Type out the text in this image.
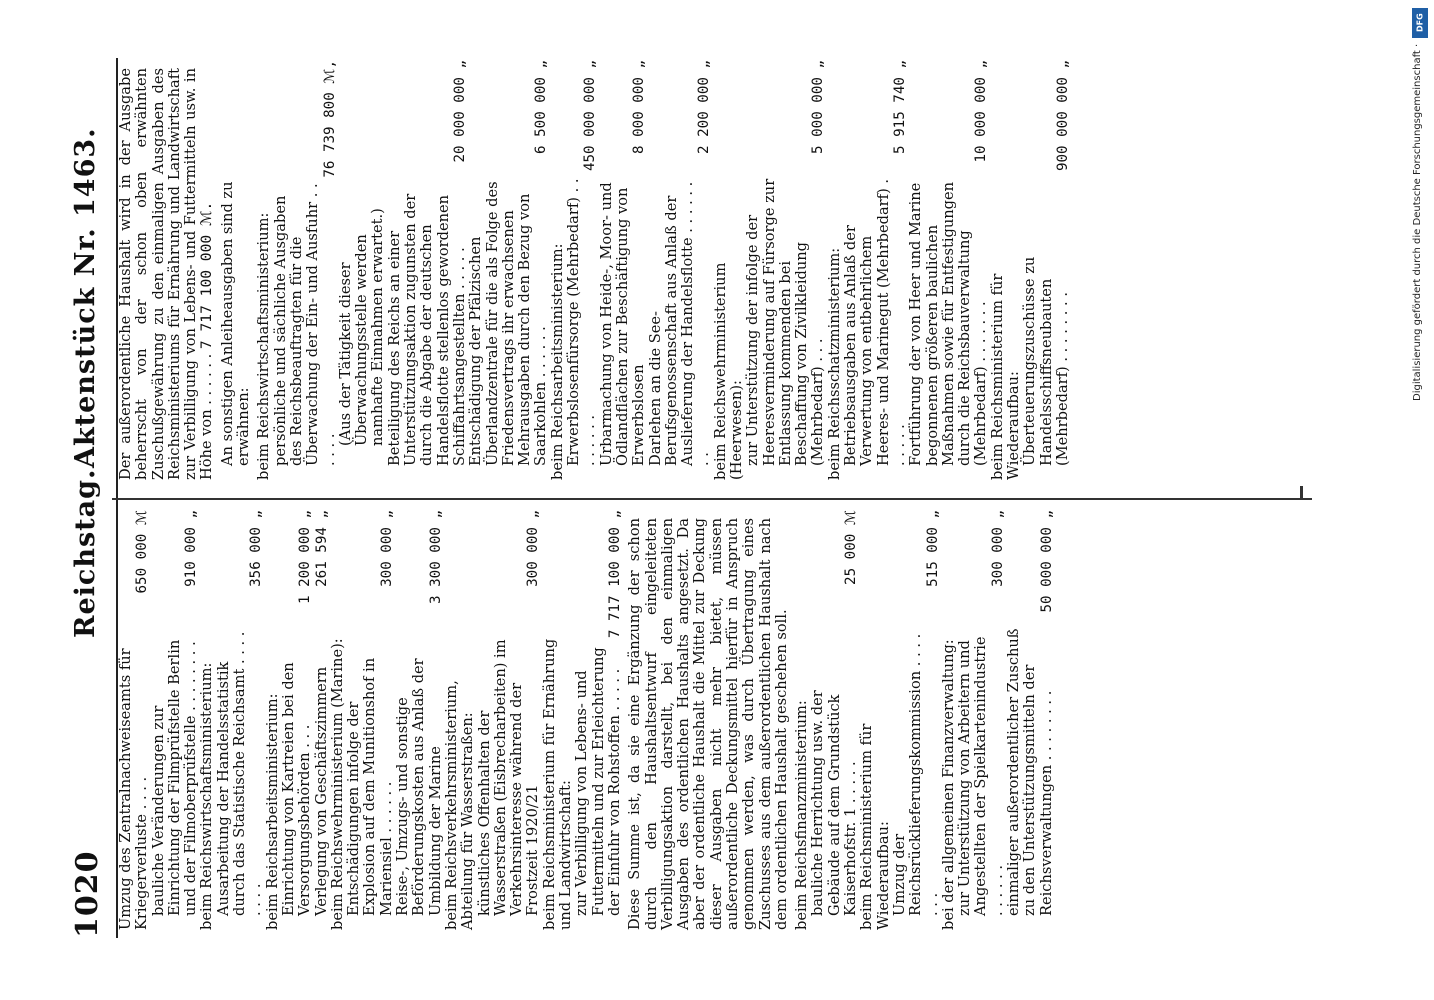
1020
Reichstag.
Aktenstück Nr. 1463.
Umzug des Zentralnachweiseamts für Kriegerverluste . . . .
650 000 ℳ
bauliche Veränderungen zur Einrichtung der Filmprüfstelle Berlin und der Filmoberprüfstelle . . . . . . . .
910 000 „
beim Reichswirtschaftsministerium: Ausarbeitung der Handelsstatistik durch das Statistische Reichsamt . . . . . . . .
356 000 „
beim Reichsarbeitsministerium: Einrichtung von Kartreien bei den Versorgungsbehörden . . .
1 200 000 „
Verlegung von Geschäftszimmern
261 594 „
beim Reichswehrministerium (Marine): Entschädigungen infolge der Explosion auf dem Munitionshof in Mariensiel . . . . . .
300 000 „
Reise-, Umzugs- und sonstige Beförderungskosten aus Anlaß der Umbildung der Marine
3 300 000 „
beim Reichsverkehrsministerium, Abteilung für Wasserstraßen: künstliches Offenhalten der Wasserstraßen (Eisbrecharbeiten) im Verkehrsinteresse während der Frostzeit 1920/21
300 000 „
beim Reichsministerium für Ernährung und Landwirtschaft: zur Verbilligung von Lebens- und Futtermitteln und zur Erleichterung der Einfuhr von Rohstoffen . . . . .
7 717 100 000 „ Diese Summe ist, da sie eine Ergänzung der schon durch den Haushaltsentwurf eingeleiteten Verbilligungsaktion darstellt, bei den einmaligen Ausgaben des ordentlichen Haushalts angesetzt. Da aber der ordentliche Haushalt die Mittel zur Deckung dieser Ausgaben nicht mehr bietet, müssen außerordentliche Deckungsmittel hierfür in Anspruch genommen werden, was durch Übertragung eines Zuschusses aus dem außerordentlichen Haushalt nach dem ordentlichen Haushalt geschehen soll. beim Reichsfinanzministerium: bauliche Herrichtung usw. der Gebäude auf dem Grundstück Kaiserhofstr. 1 . . . . .
25 000 ℳ
beim Reichsministerium für Wiederaufbau: Umzug der Reichsrücklieferungskommission . . . . . . .
515 000 „
bei der allgemeinen Finanzverwaltung: zur Unterstützung von Arbeitern und Angestellten der Spielkartenindustrie . . . . . .
300 000 „
einmaliger außerordentlicher Zuschuß zu den Unterstützungsmitteln der Reichsverwaltungen . . . . . . . .
50 000 000 „
Der außerordentliche Haushalt wird in der Ausgabe beherrscht von der schon oben erwähnten Zuschußgewährung zu den einmaligen Ausgaben des Reichsministeriums für Ernährung und Landwirtschaft zur Verbilligung von Lebens- und Futtermitteln usw. in Höhe von . . . . . . 7 717 100 000 ℳ. An sonstigen Anleiheausgaben sind zu erwähnen: beim Reichswirtschaftsministerium: persönliche und sächliche Ausgaben des Reichsbeauftragten für die Überwachung der Ein- und Ausfuhr . . . . . .
76 739 800 ℳ,
(Aus der Tätigkeit dieser Überwachungsstelle werden namhafte Einnahmen erwartet.) Beteiligung des Reichs an einer Unterstützungsaktion zugunsten der durch die Abgabe der deutschen Handelsflotte stellenlos gewordenen Schiffahrtsangestellten . . . . .
20 000 000 „
Entschädigung der Pfälzischen Überlandzentrale für die als Folge des Friedensvertrags ihr erwachsenen Mehrausgaben durch den Bezug von Saarkohlen . . . . . .
6 500 000 „
beim Reichsarbeitsministerium: Erwerbslosenfürsorge (Mehrbedarf) . . . . . . . .
450 000 000 „
Urbarmachung von Heide-, Moor- und Ödlandflächen zur Beschäftigung von Erwerbslosen
8 000 000 „
Darlehen an die See-Berufsgenossenschaft aus Anlaß der Auslieferung der Handelsflotte . . . . . . . .
2 200 000 „
beim Reichswehrministerium (Heerwesen): zur Unterstützung der infolge der Heeresverminderung auf Fürsorge zur Entlassung kommenden bei Beschaffung von Zivilkleidung (Mehrbedarf) . . .
5 000 000 „
beim Reichsschatzministerium: Betriebsausgaben aus Anlaß der Verwertung von entbehrlichem Heeres- und Marinegut (Mehrbedarf) . . . . . .
5 915 740 „
Fortführung der von Heer und Marine begonnenen größeren baulichen Maßnahmen sowie für Entfestigungen durch die Reichsbauverwaltung (Mehrbedarf) . . . . . . .
10 000 000 „
beim Reichsministerium für Wiederaufbau: Überteuerungszuschüsse zu Handelsschiffsneubauten (Mehrbedarf) . . . . . . . .
900 000 000 „
DFG
Digitalisierung gefördert durch die Deutsche Forschungsgemeinschaft ·
